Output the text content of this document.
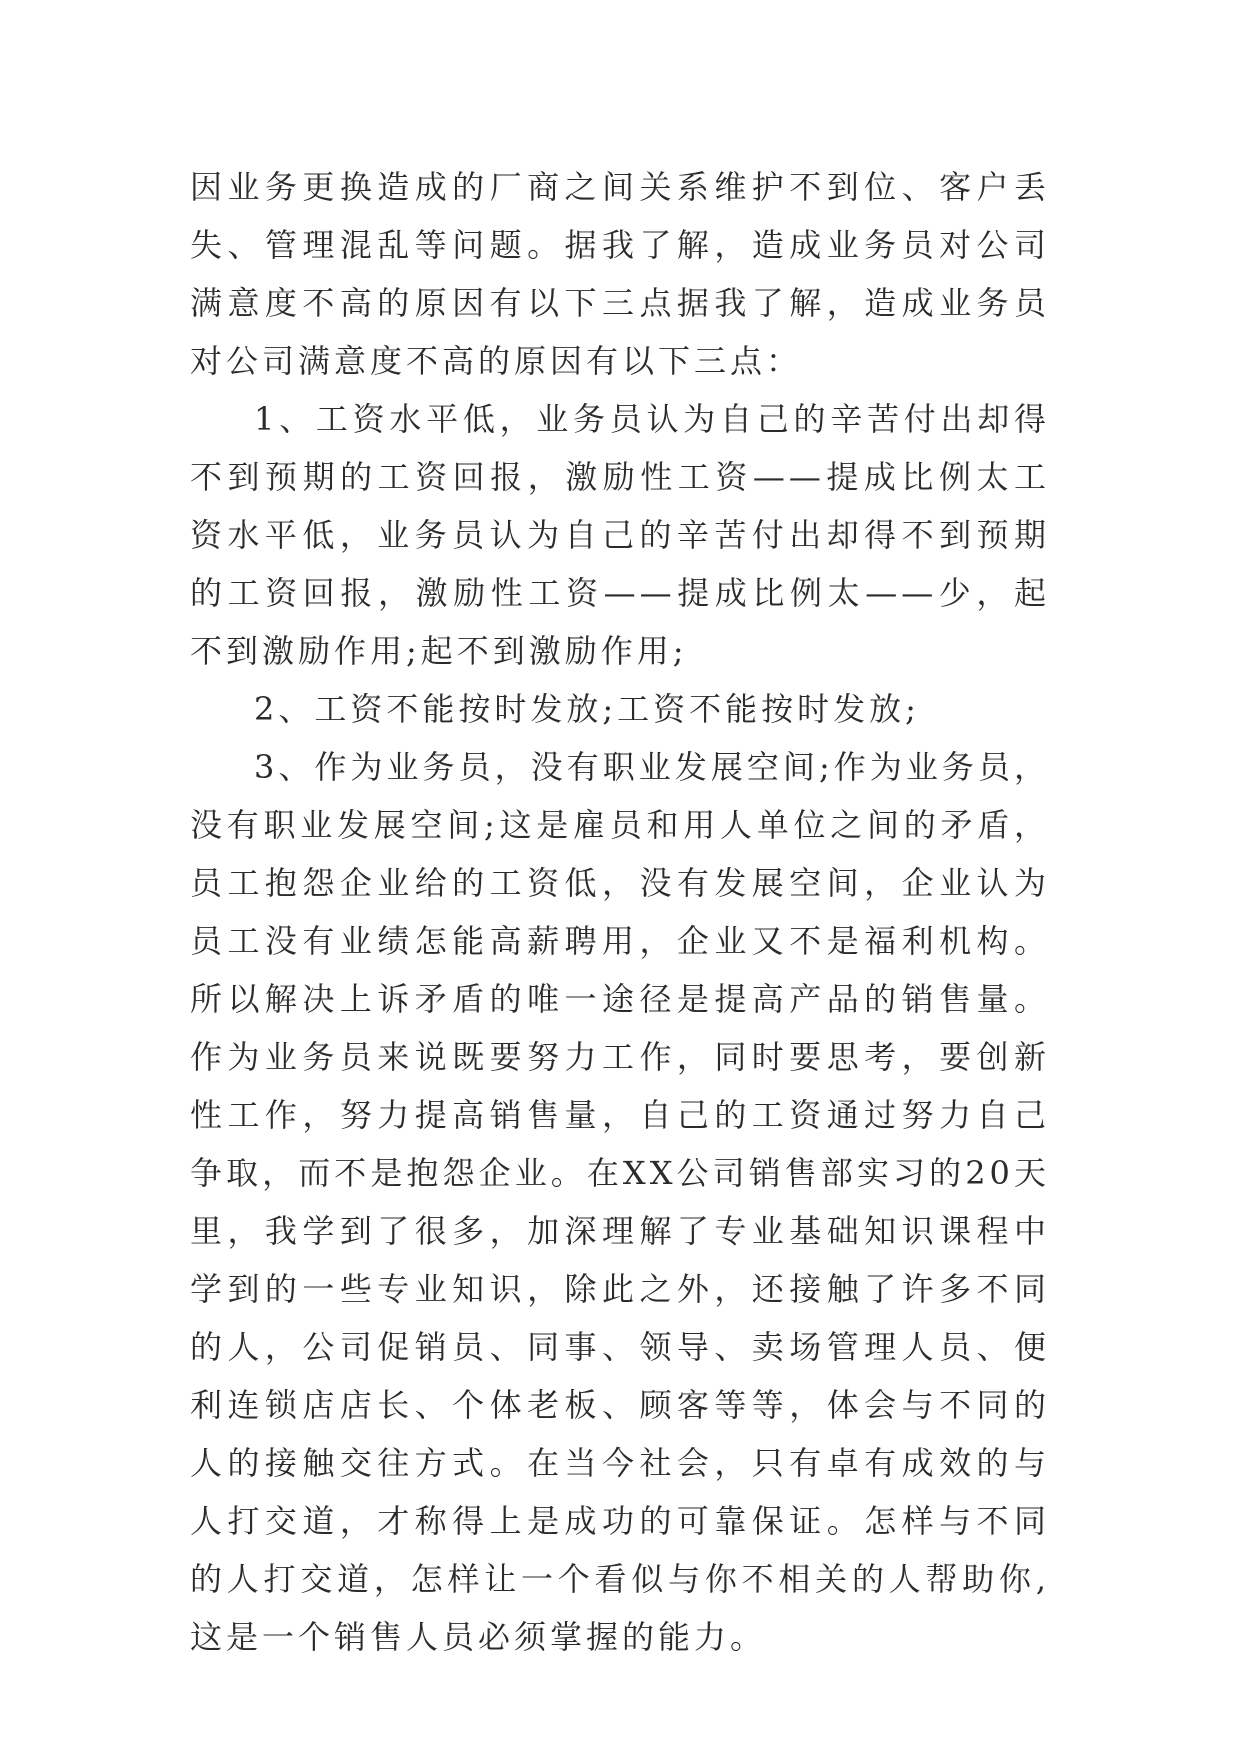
因业务更换造成的厂商之间关系维护不到位、客户丢失、管理混乱等问题。据我了解，造成业务员对公司满意度不高的原因有以下三点据我了解，造成业务员对公司满意度不高的原因有以下三点：

1、工资水平低，业务员认为自己的辛苦付出却得不到预期的工资回报，激励性工资——提成比例太工资水平低，业务员认为自己的辛苦付出却得不到预期的工资回报，激励性工资——提成比例太——少，起不到激励作用;起不到激励作用;

2、工资不能按时发放;工资不能按时发放;

3、作为业务员，没有职业发展空间;作为业务员，没有职业发展空间;这是雇员和用人单位之间的矛盾，员工抱怨企业给的工资低，没有发展空间，企业认为员工没有业绩怎能高薪聘用，企业又不是福利机构。所以解决上诉矛盾的唯一途径是提高产品的销售量。作为业务员来说既要努力工作，同时要思考，要创新性工作，努力提高销售量，自己的工资通过努力自己争取，而不是抱怨企业。在XX公司销售部实习的20天里，我学到了很多，加深理解了专业基础知识课程中学到的一些专业知识，除此之外，还接触了许多不同的人，公司促销员、同事、领导、卖场管理人员、便利连锁店店长、个体老板、顾客等等，体会与不同的人的接触交往方式。在当今社会，只有卓有成效的与人打交道，才称得上是成功的可靠保证。怎样与不同的人打交道，怎样让一个看似与你不相关的人帮助你,这是一个销售人员必须掌握的能力。
